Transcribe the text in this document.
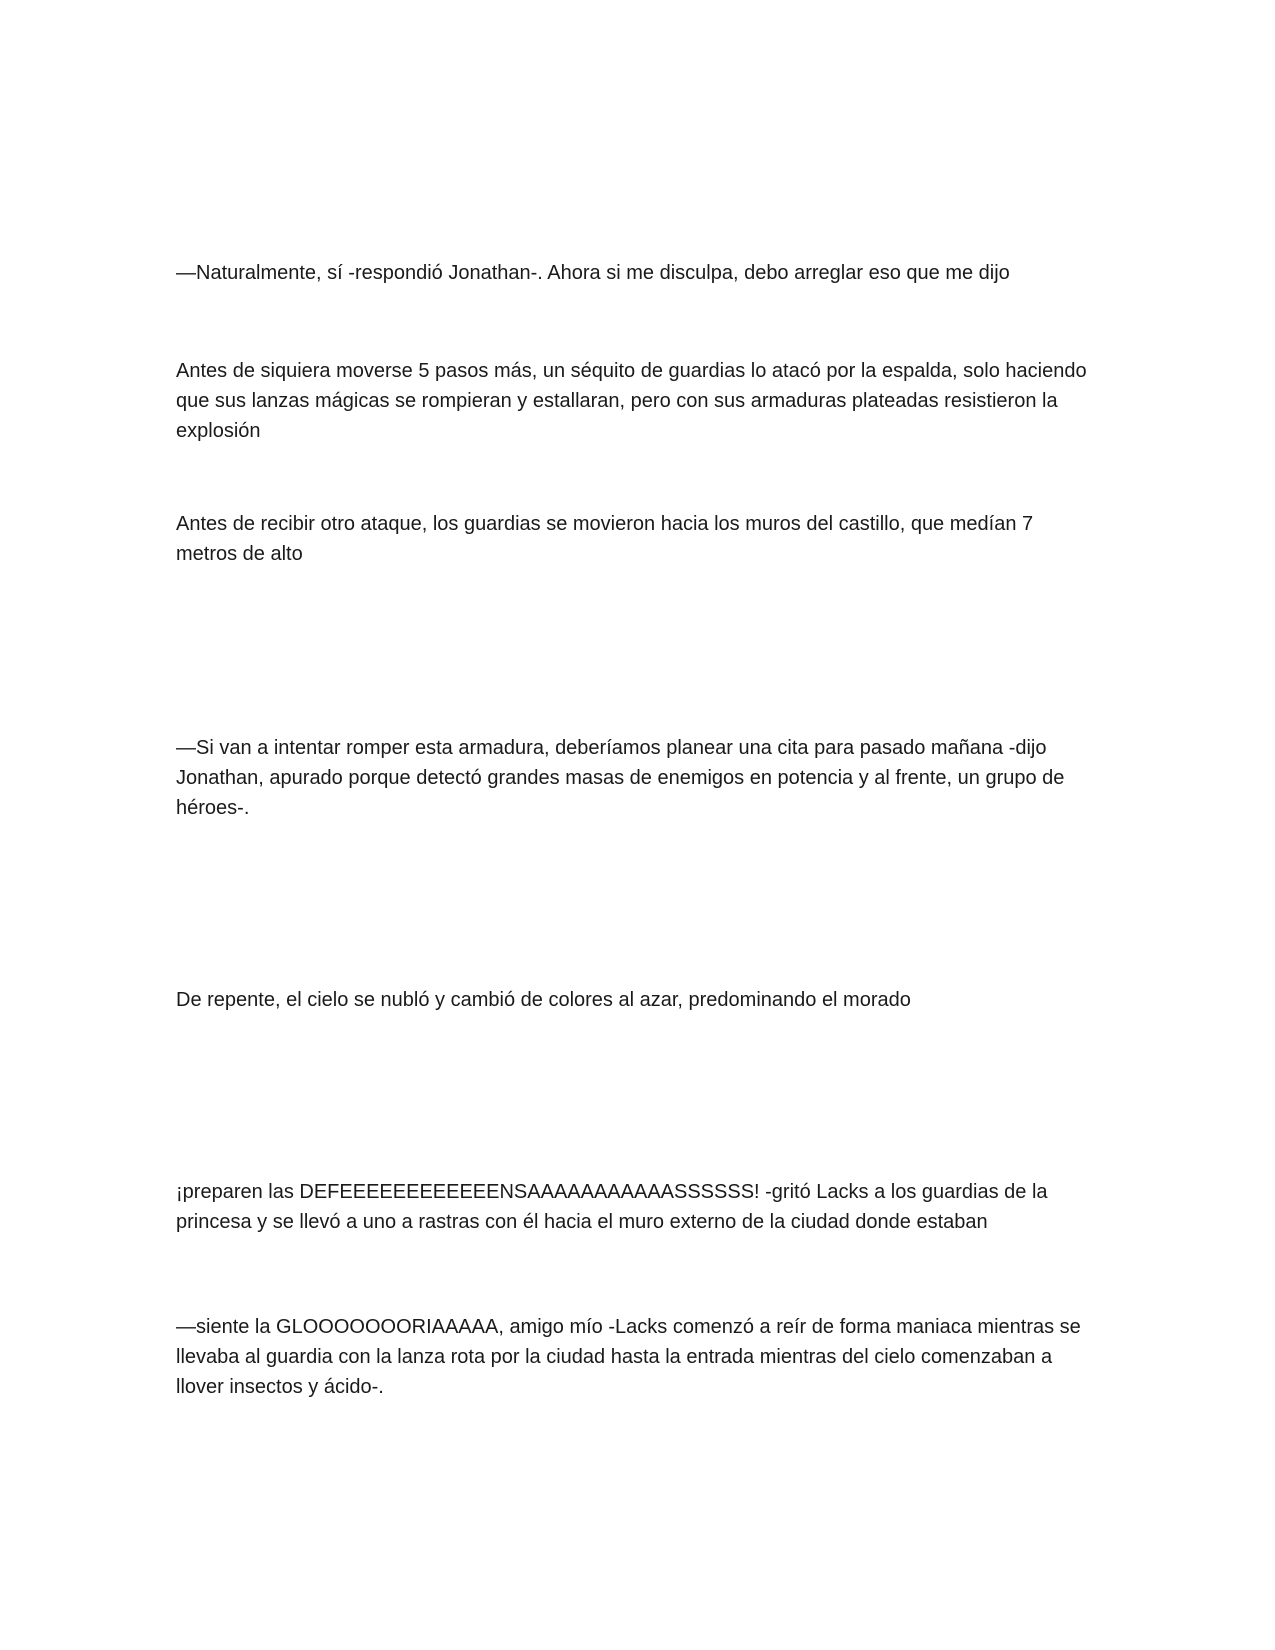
—Naturalmente, sí -respondió Jonathan-. Ahora si me disculpa, debo arreglar eso que me dijo

Antes de siquiera moverse 5 pasos más, un séquito de guardias lo atacó por la espalda, solo haciendo que sus lanzas mágicas se rompieran y estallaran, pero con sus armaduras plateadas resistieron la explosión

Antes de recibir otro ataque, los guardias se movieron hacia los muros del castillo, que medían 7 metros de alto

—Si van a intentar romper esta armadura, deberíamos planear una cita para pasado mañana -dijo Jonathan, apurado porque detectó grandes masas de enemigos en potencia y al frente, un grupo de héroes-.

De repente, el cielo se nubló y cambió de colores al azar, predominando el morado

¡preparen las DEFEEEEEEEEEEEENSAAAAAAAAAAASSSSSS! -gritó Lacks a los guardias de la princesa y se llevó a uno a rastras con él hacia el muro externo de la ciudad donde estaban

—siente la GLOOOOOOORIAAAAA, amigo mío -Lacks comenzó a reír de forma maniaca mientras se llevaba al guardia con la lanza rota por la ciudad hasta la entrada mientras del cielo comenzaban a llover insectos y ácido-.
